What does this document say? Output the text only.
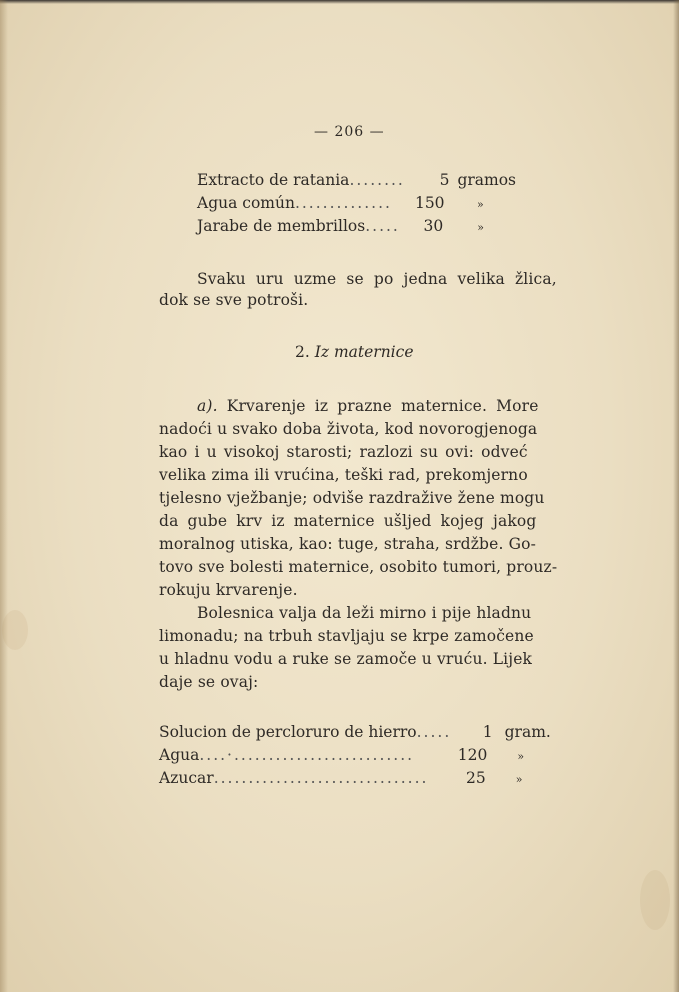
— 206 —
Extracto de ratania ........	5 gramos
Agua común ..............	150	»
Jarabe de membrillos .....	30	»
Svaku uru uzme se po jedna velika žlica,
dok se sve potroši.
2. Iz maternice
a). Krvarenje iz prazne maternice. More
nadoći u svako doba života, kod novorogjenoga
kao i u visokoj starosti; razlozi su ovi: odveć
velika zima ili vrućina, teški rad, prekomjerno
tjelesno vježbanje; odviše razdražive žene mogu
da gube krv iz maternice ušljed kojeg jakog
moralnog utiska, kao: tuge, straha, srdžbe. Go-
tovo sve bolesti maternice, osobito tumori, prouz-
rokuju krvarenje.
Bolesnica valja da leži mirno i pije hladnu
limonadu; na trbuh stavljaju se krpe zamočene
u hladnu vodu a ruke se zamoče u vruću. Lijek
daje se ovaj:
Solucion de percloruro de hierro .....	1 gram.
Agua ....·..........................	120	»
Azucar ...............................	25	»
